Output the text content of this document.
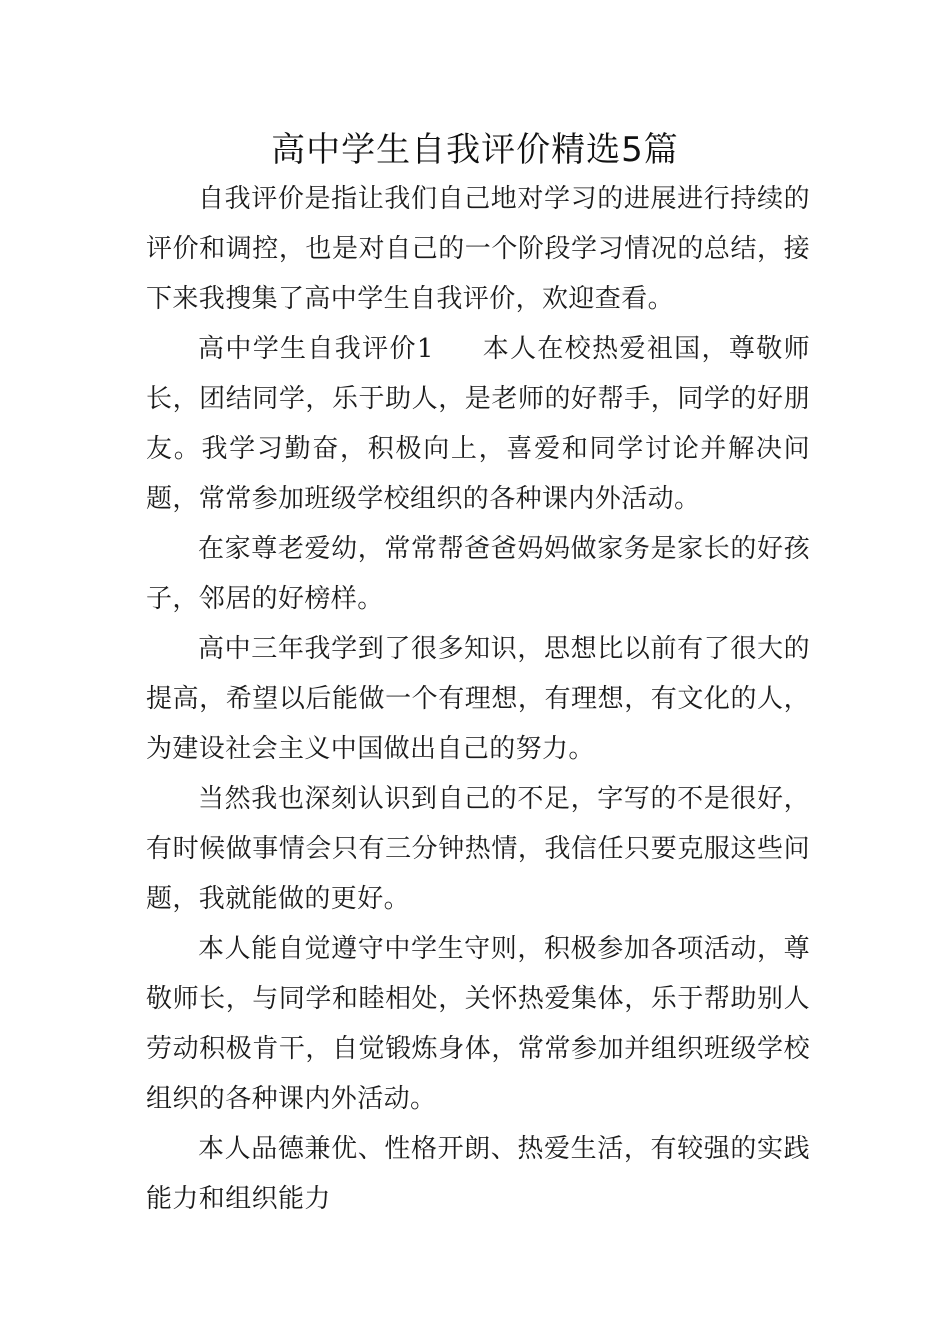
高中学生自我评价精选5篇

自我评价是指让我们自己地对学习的进展进行持续的评价和调控，也是对自己的一个阶段学习情况的总结，接下来我搜集了高中学生自我评价，欢迎查看。

高中学生自我评价1 本人在校热爱祖国，尊敬师长，团结同学，乐于助人，是老师的好帮手，同学的好朋友。我学习勤奋，积极向上，喜爱和同学讨论并解决问题，常常参加班级学校组织的各种课内外活动。

在家尊老爱幼，常常帮爸爸妈妈做家务是家长的好孩子，邻居的好榜样。

高中三年我学到了很多知识，思想比以前有了很大的提高，希望以后能做一个有理想，有理想，有文化的人，为建设社会主义中国做出自己的努力。

当然我也深刻认识到自己的不足，字写的不是很好，有时候做事情会只有三分钟热情，我信任只要克服这些问题，我就能做的更好。

本人能自觉遵守中学生守则，积极参加各项活动，尊敬师长，与同学和睦相处，关怀热爱集体，乐于帮助别人劳动积极肯干，自觉锻炼身体，常常参加并组织班级学校组织的各种课内外活动。

本人品德兼优、性格开朗、热爱生活，有较强的实践能力和组织能力
